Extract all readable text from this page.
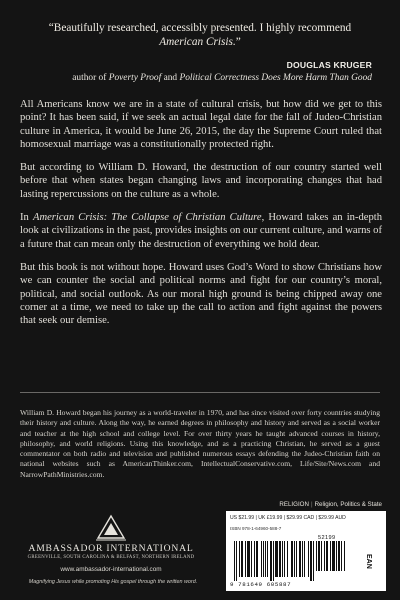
“Beautifully researched, accessibly presented. I highly recommend American Crisis.”

DOUGLAS KRUGER
author of Poverty Proof and Political Correctness Does More Harm Than Good

All Americans know we are in a state of cultural crisis, but how did we get to this point? It has been said, if we seek an actual legal date for the fall of Judeo-Christian culture in America, it would be June 26, 2015, the day the Supreme Court ruled that homosexual marriage was a constitutionally protected right.

But according to William D. Howard, the destruction of our country started well before that when states began changing laws and incorporating changes that had lasting repercussions on the culture as a whole.

In American Crisis: The Collapse of Christian Culture, Howard takes an in-depth look at civilizations in the past, provides insights on our current culture, and warns of a future that can mean only the destruction of everything we hold dear.

But this book is not without hope. Howard uses God’s Word to show Christians how we can counter the social and political norms and fight for our country’s moral, political, and social outlook. As our moral high ground is being chipped away one corner at a time, we need to take up the call to action and fight against the powers that seek our demise.

William D. Howard began his journey as a world-traveler in 1970, and has since visited over forty countries studying their history and culture. Along the way, he earned degrees in philosophy and history and served as a social worker and teacher at the high school and college level. For over thirty years he taught advanced courses in history, philosophy, and world religions. Using this knowledge, and as a practicing Christian, he served as a guest commentator on both radio and television and published numerous essays defending the Judeo-Christian faith on national websites such as AmericanThinker.com, IntellectualConservative.com, Life/Site/News.com and NarrowPathMinistries.com.

RELIGION | Religion, Politics & State
US $21.99 | UK £19.99 | $29.99 CAD | $29.99 AUD
ISBN 978-1-64960-588-7
52199
9 781649 605887
EAN
AMBASSADOR INTERNATIONAL
GREENVILLE, SOUTH CAROLINA & BELFAST, NORTHERN IRELAND
www.ambassador-international.com
Magnifying Jesus while promoting His gospel through the written word.
